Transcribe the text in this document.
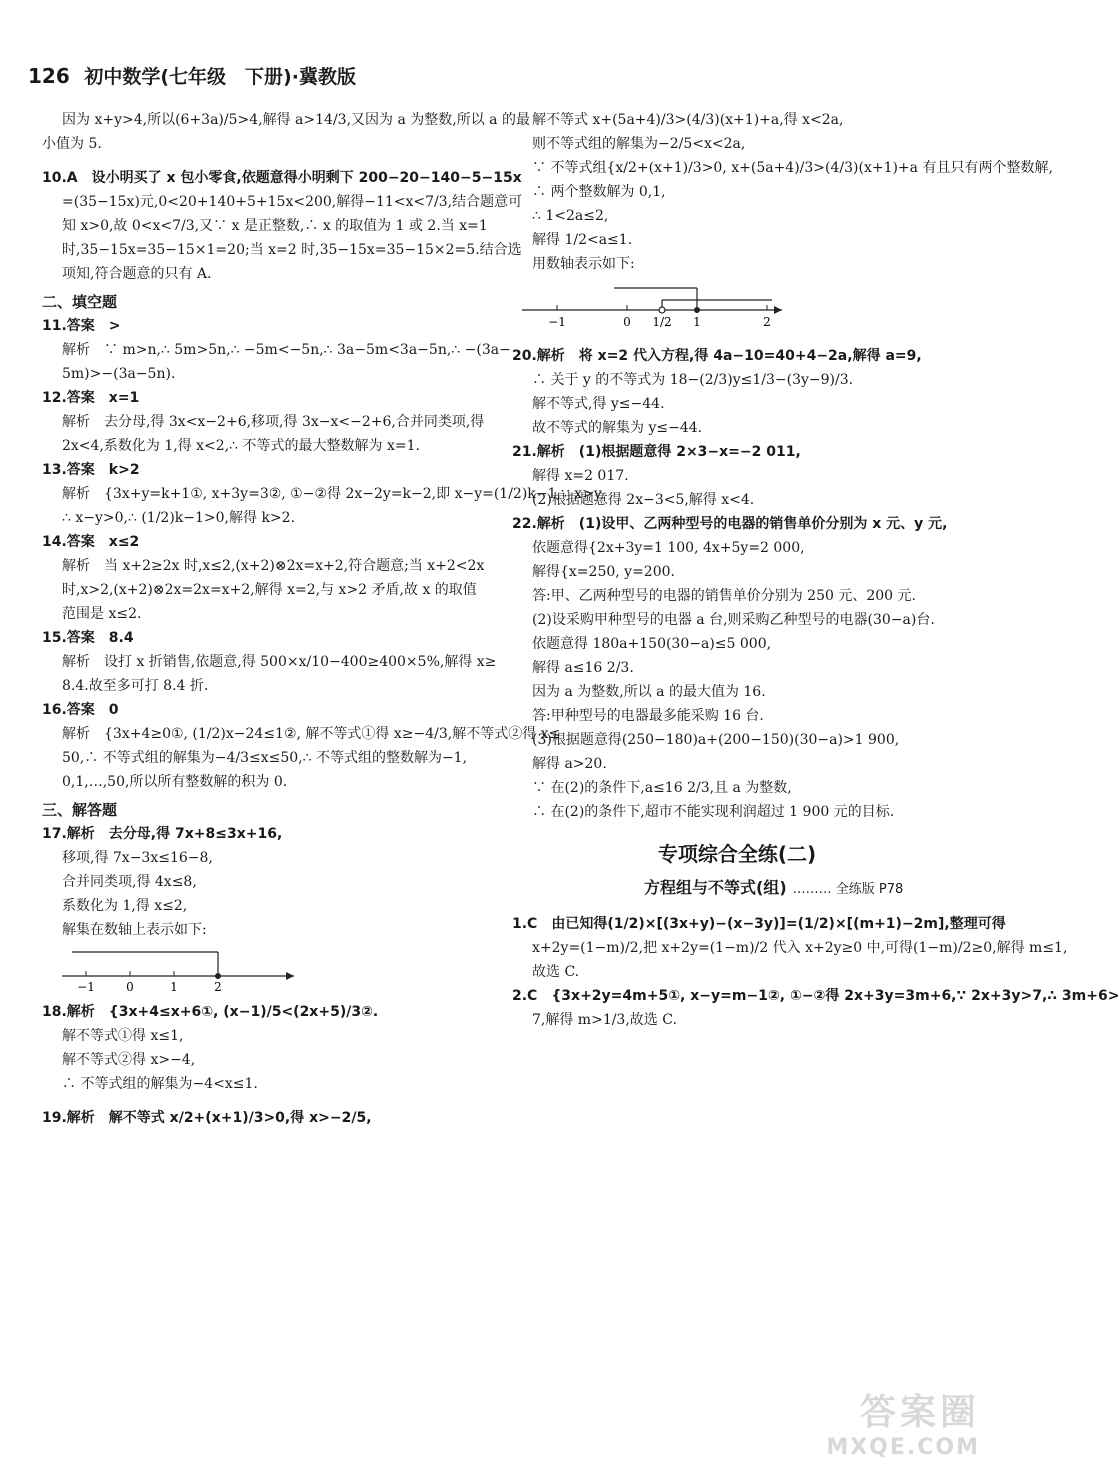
126 初中数学(七年级　下册)·冀教版
因为 x+y>4,所以(6+3a)/5>4,解得 a>14/3,又因为 a 为整数,所以 a 的最
小值为 5.
10.A　设小明买了 x 包小零食,依题意得小明剩下 200−20−140−5−15x
=(35−15x)元,0<20+140+5+15x<200,解得−11<x<7/3,结合题意可
知 x>0,故 0<x<7/3,又∵ x 是正整数,∴ x 的取值为 1 或 2.当 x=1
时,35−15x=35−15×1=20;当 x=2 时,35−15x=35−15×2=5.结合选
项知,符合题意的只有 A.
二、填空题
11.答案　>
解析　∵ m>n,∴ 5m>5n,∴ −5m<−5n,∴ 3a−5m<3a−5n,∴ −(3a−
5m)>−(3a−5n).
12.答案　x=1
解析　去分母,得 3x<x−2+6,移项,得 3x−x<−2+6,合并同类项,得
2x<4,系数化为 1,得 x<2,∴ 不等式的最大整数解为 x=1.
13.答案　k>2
解析　{3x+y=k+1①, x+3y=3②, ①−②得 2x−2y=k−2,即 x−y=(1/2)k−1,∵ x>y,
∴ x−y>0,∴ (1/2)k−1>0,解得 k>2.
14.答案　x≤2
解析　当 x+2≥2x 时,x≤2,(x+2)⊗2x=x+2,符合题意;当 x+2<2x
时,x>2,(x+2)⊗2x=2x=x+2,解得 x=2,与 x>2 矛盾,故 x 的取值
范围是 x≤2.
15.答案　8.4
解析　设打 x 折销售,依题意,得 500×x/10−400≥400×5%,解得 x≥
8.4.故至多可打 8.4 折.
16.答案　0
解析　{3x+4≥0①, (1/2)x−24≤1②, 解不等式①得 x≥−4/3,解不等式②得 x≤
50,∴ 不等式组的解集为−4/3≤x≤50,∴ 不等式组的整数解为−1,
0,1,…,50,所以所有整数解的积为 0.
三、解答题
17.解析　去分母,得 7x+8≤3x+16,
移项,得 7x−3x≤16−8,
合并同类项,得 4x≤8,
系数化为 1,得 x≤2,
解集在数轴上表示如下:
−1	0	1	2
18.解析　{3x+4≤x+6①, (x−1)/5<(2x+5)/3②.
解不等式①得 x≤1,
解不等式②得 x>−4,
∴ 不等式组的解集为−4<x≤1.
19.解析　解不等式 x/2+(x+1)/3>0,得 x>−2/5,
解不等式 x+(5a+4)/3>(4/3)(x+1)+a,得 x<2a,
则不等式组的解集为−2/5<x<2a,
∵ 不等式组{x/2+(x+1)/3>0, x+(5a+4)/3>(4/3)(x+1)+a 有且只有两个整数解,
∴ 两个整数解为 0,1,
∴ 1<2a≤2,
解得 1/2<a≤1.
用数轴表示如下:
−1	0 1/2 1	2
20.解析　将 x=2 代入方程,得 4a−10=40+4−2a,解得 a=9,
∴ 关于 y 的不等式为 18−(2/3)y≤1/3−(3y−9)/3.
解不等式,得 y≤−44.
故不等式的解集为 y≤−44.
21.解析　(1)根据题意得 2×3−x=−2 011,
解得 x=2 017.
(2)根据题意得 2x−3<5,解得 x<4.
22.解析　(1)设甲、乙两种型号的电器的销售单价分别为 x 元、y 元,
依题意得{2x+3y=1 100, 4x+5y=2 000,
解得{x=250, y=200.
答:甲、乙两种型号的电器的销售单价分别为 250 元、200 元.
(2)设采购甲种型号的电器 a 台,则采购乙种型号的电器(30−a)台.
依题意得 180a+150(30−a)≤5 000,
解得 a≤16 2/3.
因为 a 为整数,所以 a 的最大值为 16.
答:甲种型号的电器最多能采购 16 台.
(3)根据题意得(250−180)a+(200−150)(30−a)>1 900,
解得 a>20.
∵ 在(2)的条件下,a≤16 2/3,且 a 为整数,
∴ 在(2)的条件下,超市不能实现利润超过 1 900 元的目标.
专项综合全练(二)
方程组与不等式(组) ……… 全练版 P78
1.C　由已知得(1/2)×[(3x+y)−(x−3y)]=(1/2)×[(m+1)−2m],整理可得
x+2y=(1−m)/2,把 x+2y=(1−m)/2 代入 x+2y≥0 中,可得(1−m)/2≥0,解得 m≤1,
故选 C.
2.C　{3x+2y=4m+5①, x−y=m−1②, ①−②得 2x+3y=3m+6,∵ 2x+3y>7,∴ 3m+6>
7,解得 m>1/3,故选 C.
答案圈
MXQE.COM
